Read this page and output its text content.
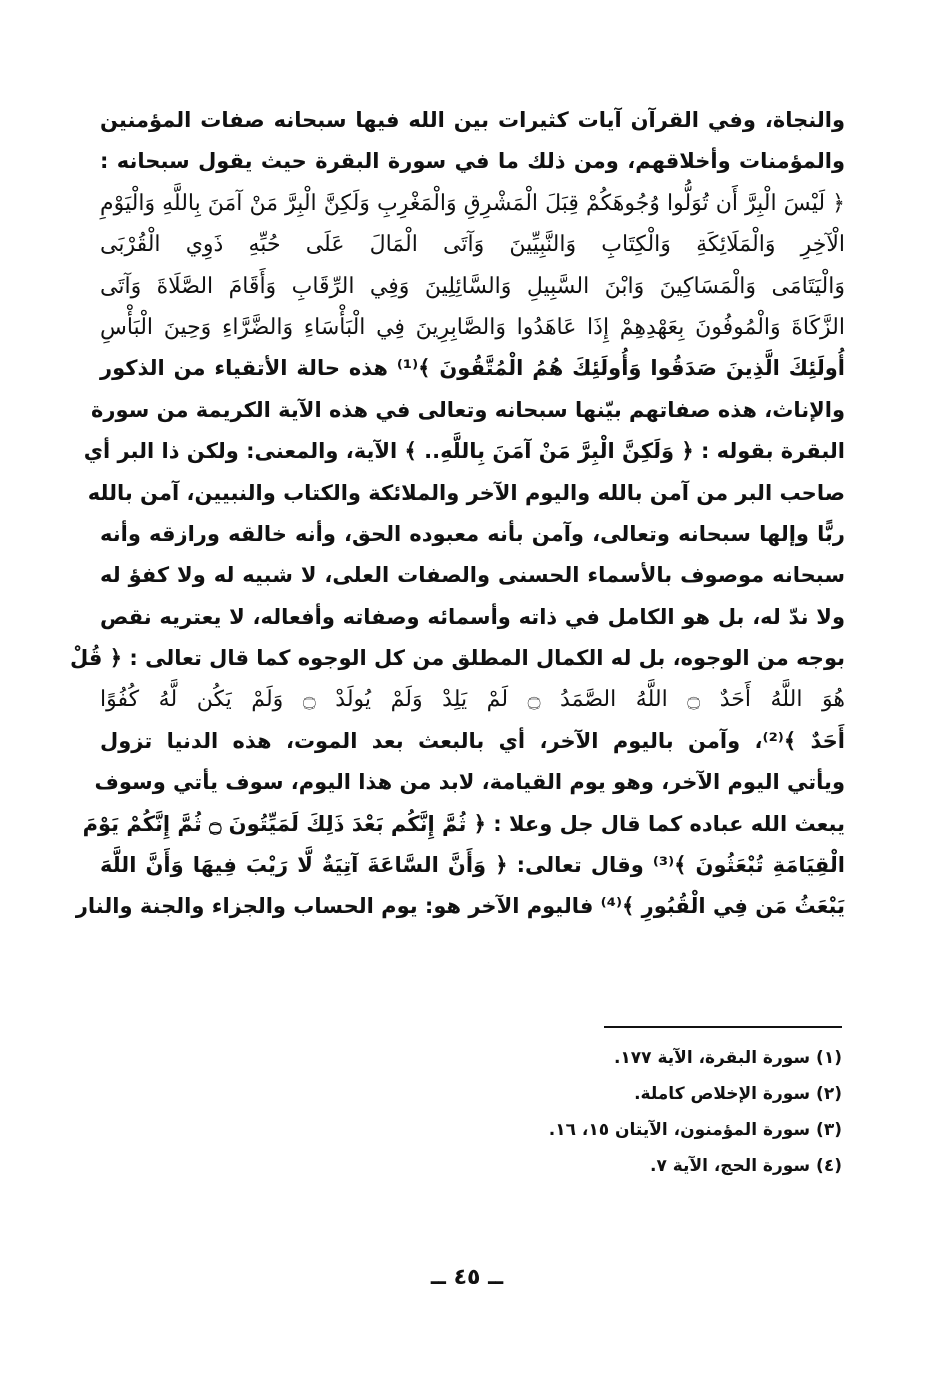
والنجاة، وفي القرآن آيات كثيرات بين الله فيها سبحانه صفات المؤمنين
والمؤمنات وأخلاقهم، ومن ذلك ما في سورة البقرة حيث يقول سبحانه :
﴿ لَيْسَ الْبِرَّ أَن تُوَلُّوا وُجُوهَكُمْ قِبَلَ الْمَشْرِقِ وَالْمَغْرِبِ وَلَكِنَّ الْبِرَّ مَنْ آمَنَ بِاللَّهِ وَالْيَوْمِ
الْآخِرِ وَالْمَلَائِكَةِ وَالْكِتَابِ وَالنَّبِيِّينَ وَآتَى الْمَالَ عَلَى حُبِّهِ ذَوِي الْقُرْبَى
وَالْيَتَامَى وَالْمَسَاكِينَ وَابْنَ السَّبِيلِ وَالسَّائِلِينَ وَفِي الرِّقَابِ وَأَقَامَ الصَّلَاةَ وَآتَى
الزَّكَاةَ وَالْمُوفُونَ بِعَهْدِهِمْ إِذَا عَاهَدُوا وَالصَّابِرِينَ فِي الْبَأْسَاءِ وَالضَّرَّاءِ وَحِينَ الْبَأْسِ
أُولَئِكَ الَّذِينَ صَدَقُوا وَأُولَئِكَ هُمُ الْمُتَّقُونَ ﴾⁽¹⁾ هذه حالة الأتقياء من الذكور
والإناث، هذه صفاتهم بيّنها سبحانه وتعالى في هذه الآية الكريمة من سورة
البقرة بقوله : ﴿ وَلَكِنَّ الْبِرَّ مَنْ آمَنَ بِاللَّهِ.. ﴾ الآية، والمعنى: ولكن ذا البر أي
صاحب البر من آمن بالله واليوم الآخر والملائكة والكتاب والنبيين، آمن بالله
ربًّا وإلها سبحانه وتعالى، وآمن بأنه معبوده الحق، وأنه خالقه ورازقه وأنه
سبحانه موصوف بالأسماء الحسنى والصفات العلى، لا شبيه له ولا كفؤ له
ولا ندّ له، بل هو الكامل في ذاته وأسمائه وصفاته وأفعاله، لا يعتريه نقص
بوجه من الوجوه، بل له الكمال المطلق من كل الوجوه كما قال تعالى : ﴿ قُلْ
هُوَ اللَّهُ أَحَدٌ ۝ اللَّهُ الصَّمَدُ ۝ لَمْ يَلِدْ وَلَمْ يُولَدْ ۝ وَلَمْ يَكُن لَّهُ كُفُوًا
أَحَدٌ ﴾⁽²⁾، وآمن باليوم الآخر، أي بالبعث بعد الموت، هذه الدنيا تزول
ويأتي اليوم الآخر، وهو يوم القيامة، لابد من هذا اليوم، سوف يأتي وسوف
يبعث الله عباده كما قال جل وعلا : ﴿ ثُمَّ إِنَّكُم بَعْدَ ذَلِكَ لَمَيِّتُونَ ۝ ثُمَّ إِنَّكُمْ يَوْمَ
الْقِيَامَةِ تُبْعَثُونَ ﴾⁽³⁾ وقال تعالى: ﴿ وَأَنَّ السَّاعَةَ آتِيَةٌ لَّا رَيْبَ فِيهَا وَأَنَّ اللَّهَ
يَبْعَثُ مَن فِي الْقُبُورِ ﴾⁽⁴⁾ فاليوم الآخر هو: يوم الحساب والجزاء والجنة والنار
(١) سورة البقرة، الآية ١٧٧.
(٢) سورة الإخلاص كاملة.
(٣) سورة المؤمنون، الآيتان ١٥، ١٦.
(٤) سورة الحج، الآية ٧.
ــ ٤٥ ــ
